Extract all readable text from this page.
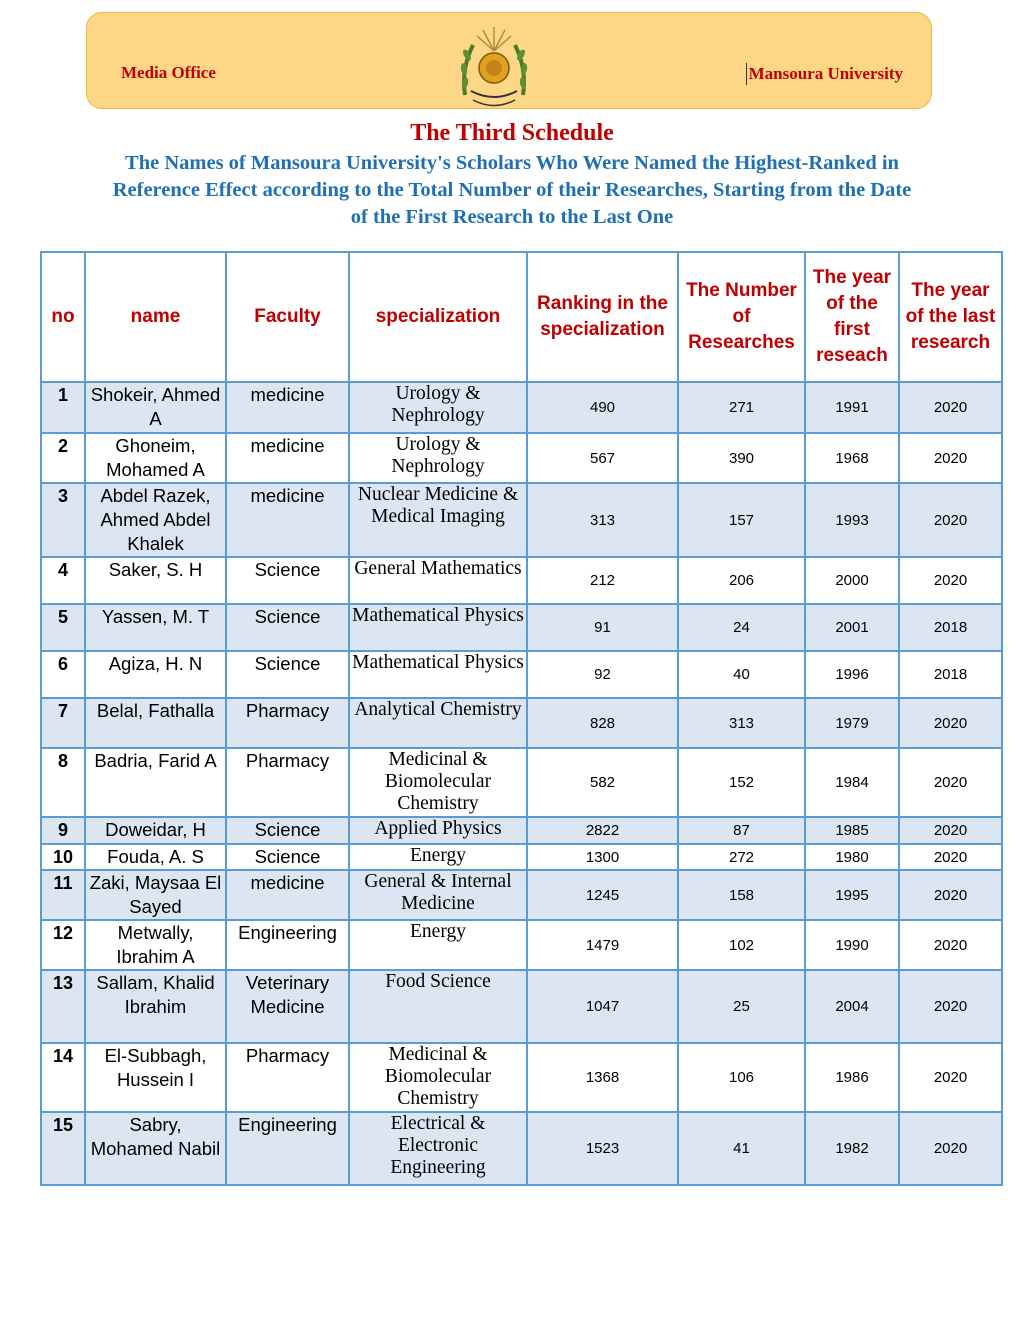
Media Office	Mansoura University
The Third Schedule
The Names of Mansoura University's Scholars Who Were Named the Highest-Ranked in Reference Effect according to the Total Number of their Researches, Starting from the Date of the First Research to the Last One
no	name	Faculty	specialization	Ranking in the specialization	The Number of Researches	The year of the first reseach	The year of the last research
1	Shokeir, Ahmed A	medicine	Urology & Nephrology	490	271	1991	2020
2	Ghoneim, Mohamed A	medicine	Urology & Nephrology	567	390	1968	2020
3	Abdel Razek, Ahmed Abdel Khalek	medicine	Nuclear Medicine & Medical Imaging	313	157	1993	2020
4	Saker, S. H	Science	General Mathematics	212	206	2000	2020
5	Yassen, M. T	Science	Mathematical Physics	91	24	2001	2018
6	Agiza, H. N	Science	Mathematical Physics	92	40	1996	2018
7	Belal, Fathalla	Pharmacy	Analytical Chemistry	828	313	1979	2020
8	Badria, Farid A	Pharmacy	Medicinal & Biomolecular Chemistry	582	152	1984	2020
9	Doweidar, H	Science	Applied Physics	2822	87	1985	2020
10	Fouda, A. S	Science	Energy	1300	272	1980	2020
11	Zaki, Maysaa El Sayed	medicine	General & Internal Medicine	1245	158	1995	2020
12	Metwally, Ibrahim A	Engineering	Energy	1479	102	1990	2020
13	Sallam, Khalid Ibrahim	Veterinary Medicine	Food Science	1047	25	2004	2020
14	El-Subbagh, Hussein I	Pharmacy	Medicinal & Biomolecular Chemistry	1368	106	1986	2020
15	Sabry, Mohamed Nabil	Engineering	Electrical & Electronic Engineering	1523	41	1982	2020
